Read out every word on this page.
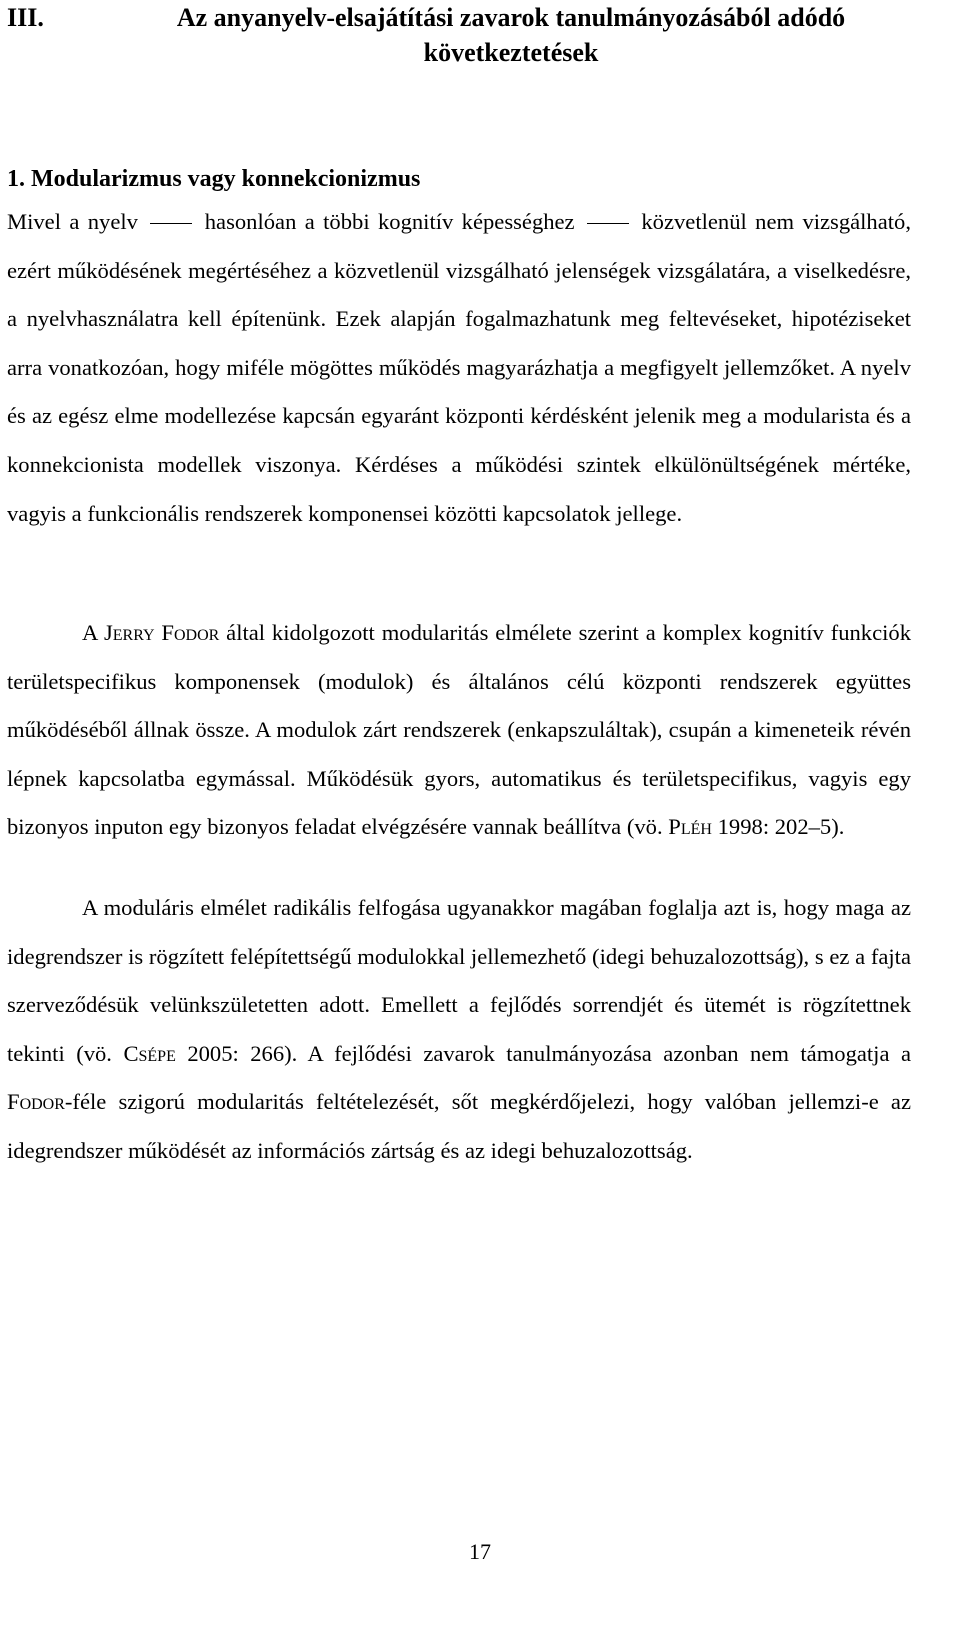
III.	Az anyanyelv-elsajátítási zavarok tanulmányozásából adódó következtetések
1. Modularizmus vagy konnekcionizmus

Mivel a nyelv	hasonlóan a többi kognitív képességhez	közvetlenül nem vizsgálható, ezért működésének megértéséhez a közvetlenül vizsgálható jelenségek vizsgálatára, a viselkedésre, a nyelvhasználatra kell építenünk. Ezek alapján fogalmazhatunk meg feltevéseket, hipotéziseket arra vonatkozóan, hogy miféle mögöttes működés magyarázhatja a megfigyelt jellemzőket. A nyelv és az egész elme modellezése kapcsán egyaránt központi kérdésként jelenik meg a modularista és a konnekcionista modellek viszonya. Kérdéses a működési szintek elkülönültségének mértéke, vagyis a funkcionális rendszerek komponensei közötti kapcsolatok jellege.

A Jerry Fodor által kidolgozott modularitás elmélete szerint a komplex kognitív funkciók területspecifikus komponensek (modulok) és általános célú központi rendszerek együttes működéséből állnak össze. A modulok zárt rendszerek (enkapszuláltak), csupán a kimeneteik révén lépnek kapcsolatba egymással. Működésük gyors, automatikus és területspecifikus, vagyis egy bizonyos inputon egy bizonyos feladat elvégzésére vannak beállítva (vö. Pléh 1998: 202–5).

A moduláris elmélet radikális felfogása ugyanakkor magában foglalja azt is, hogy maga az idegrendszer is rögzített felépítettségű modulokkal jellemezhető (idegi behuzalozottság), s ez a fajta szerveződésük velünkszületetten adott. Emellett a fejlődés sorrendjét és ütemét is rögzítettnek tekinti (vö. Csépe 2005: 266). A fejlődési zavarok tanulmányozása azonban nem támogatja a Fodor-féle szigorú modularitás feltételezését, sőt megkérdőjelezi, hogy valóban jellemzi-e az idegrendszer működését az információs zártság és az idegi behuzalozottság.

17
